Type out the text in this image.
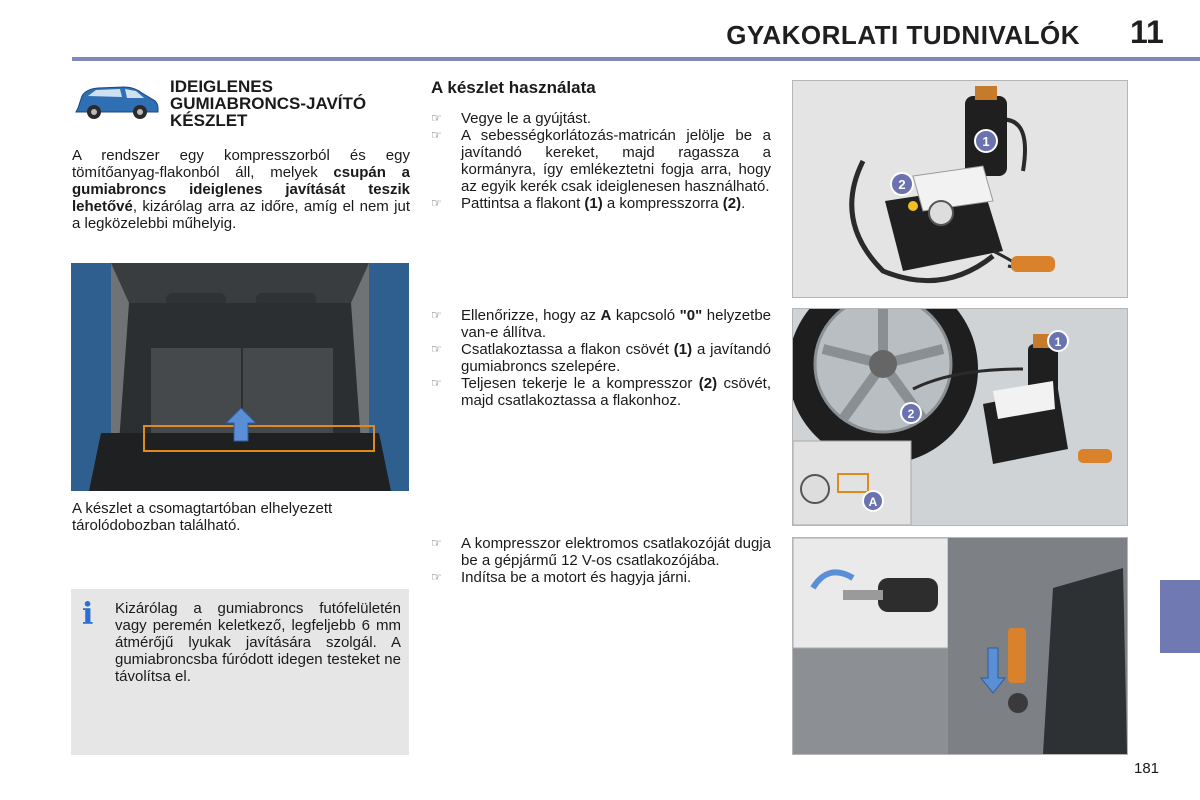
GYAKORLATI TUDNIVALÓK 11
IDEIGLENES GUMIABRONCS-JAVÍTÓ KÉSZLET
A rendszer egy kompresszorból és egy tömítőanyag-flakonból áll, melyek csupán a gumiabroncs ideiglenes javítását teszik lehetővé, kizárólag arra az időre, amíg el nem jut a legközelebbi műhelyig.
A készlet a csomagtartóban elhelyezett tárolódobozban található.
i Kizárólag a gumiabroncs futófelületén vagy peremén keletkező, legfeljebb 6 mm átmérőjű lyukak javítására szolgál. A gumiabroncsba fúródott idegen testeket ne távolítsa el.
A készlet használata
☞ Vegye le a gyújtást.
☞ A sebességkorlátozás-matricán jelölje be a javítandó kereket, majd ragassza a kormányra, így emlékeztetni fogja arra, hogy az egyik kerék csak ideiglenesen használható.
☞ Pattintsa a flakont (1) a kompresszorra (2).
☞ Ellenőrizze, hogy az A kapcsoló "0" helyzetbe van-e állítva.
☞ Csatlakoztassa a flakon csövét (1) a javítandó gumiabroncs szelepére.
☞ Teljesen tekerje le a kompresszor (2) csövét, majd csatlakoztassa a flakonhoz.
☞ A kompresszor elektromos csatlakozóját dugja be a gépjármű 12 V-os csatlakozójába.
☞ Indítsa be a motort és hagyja járni.
1
2
1
2
A
181
